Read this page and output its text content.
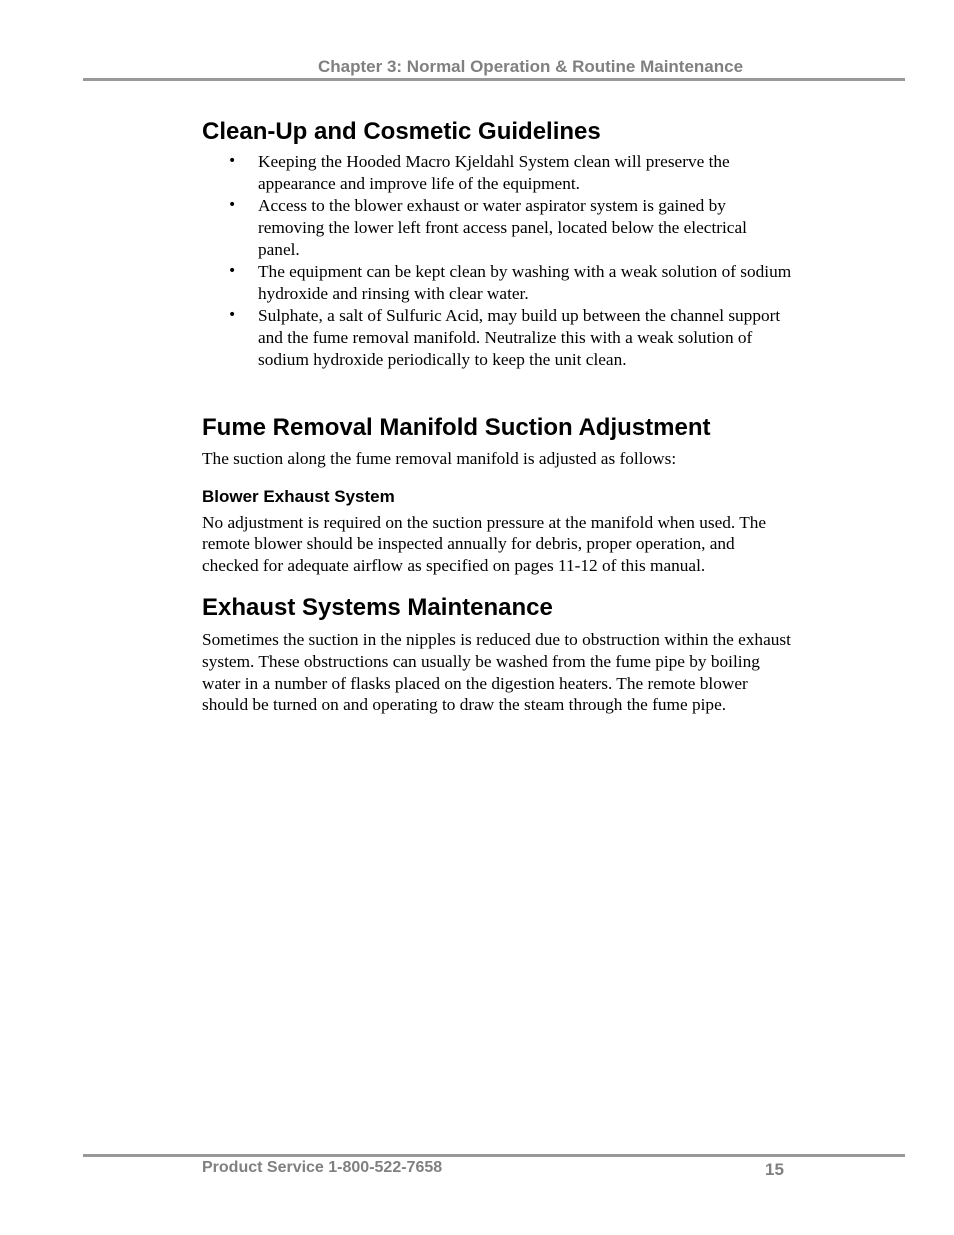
Chapter 3: Normal Operation & Routine Maintenance
Clean-Up and Cosmetic Guidelines
• Keeping the Hooded Macro Kjeldahl System clean will preserve the appearance and improve life of the equipment.
• Access to the blower exhaust or water aspirator system is gained by removing the lower left front access panel, located below the electrical panel.
• The equipment can be kept clean by washing with a weak solution of sodium hydroxide and rinsing with clear water.
• Sulphate, a salt of Sulfuric Acid, may build up between the channel support and the fume removal manifold. Neutralize this with a weak solution of sodium hydroxide periodically to keep the unit clean.
Fume Removal Manifold Suction Adjustment

The suction along the fume removal manifold is adjusted as follows:

Blower Exhaust System

No adjustment is required on the suction pressure at the manifold when used. The remote blower should be inspected annually for debris, proper operation, and checked for adequate airflow as specified on pages 11-12 of this manual.

Exhaust Systems Maintenance

Sometimes the suction in the nipples is reduced due to obstruction within the exhaust system. These obstructions can usually be washed from the fume pipe by boiling water in a number of flasks placed on the digestion heaters. The remote blower should be turned on and operating to draw the steam through the fume pipe.

Product Service 1-800-522-7658	15
